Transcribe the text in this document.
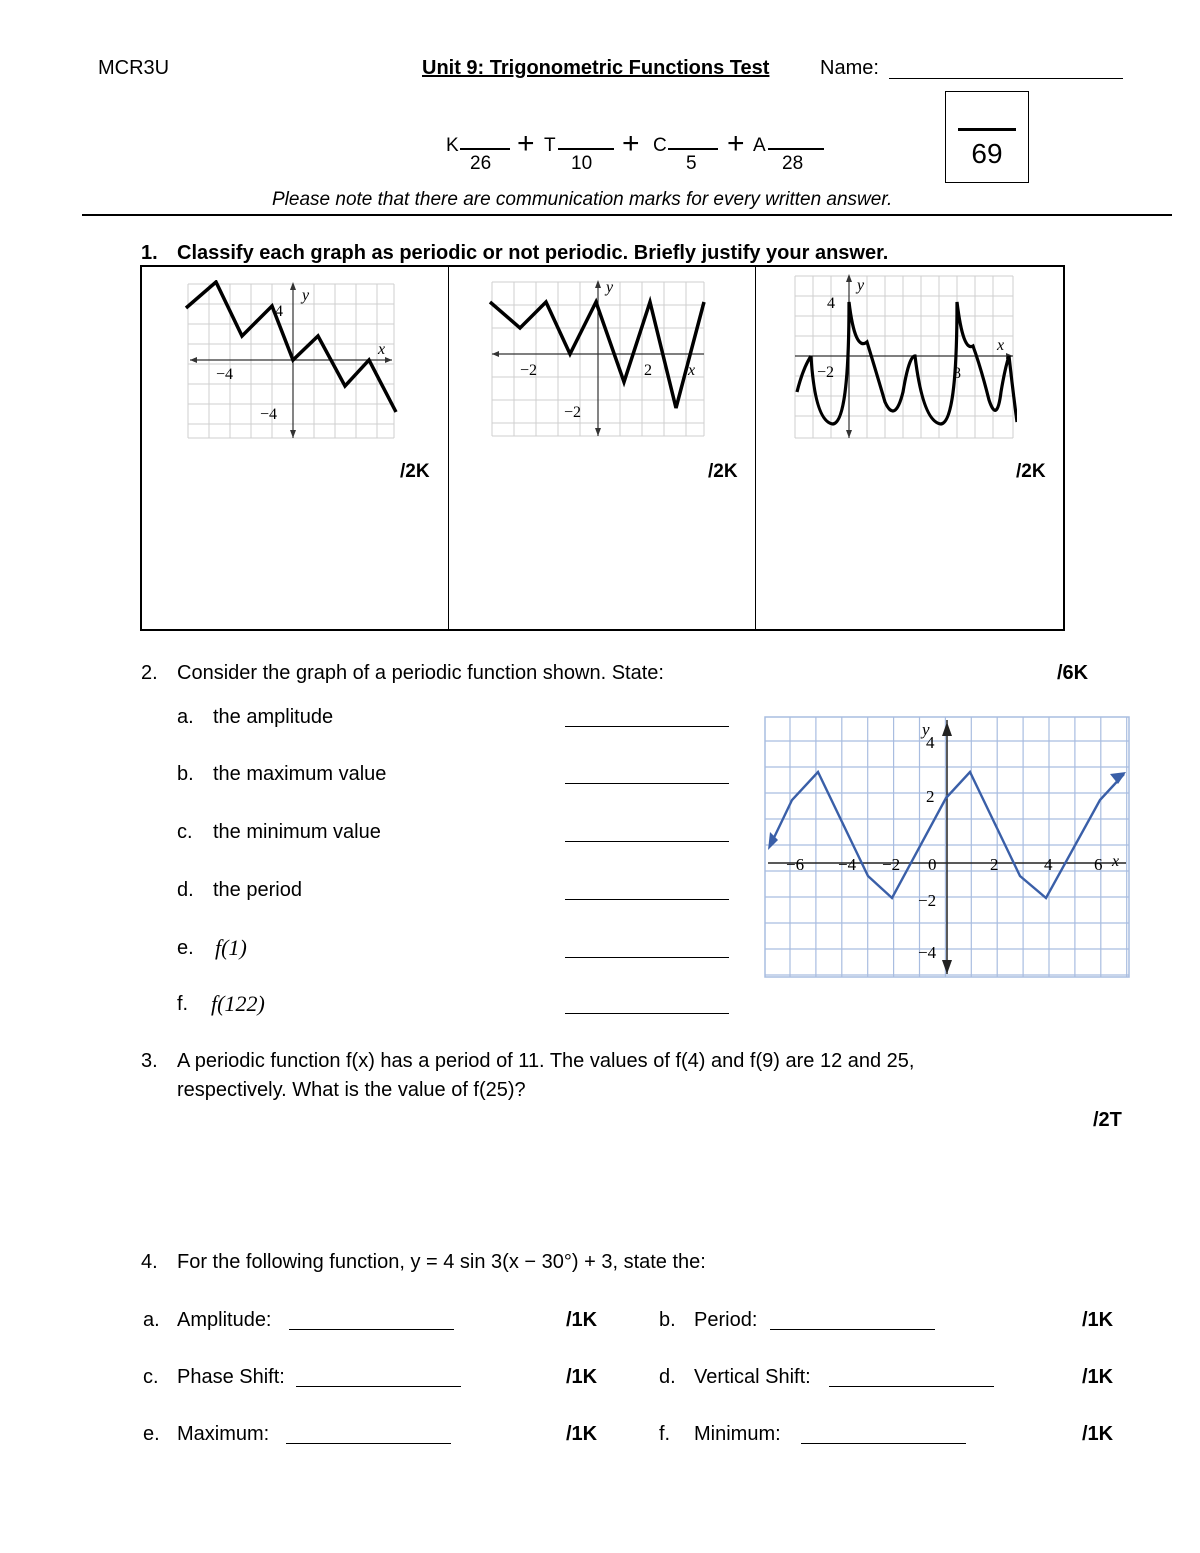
MCR3U	Unit 9: Trigonometric Functions Test	Name:
69
K
26
+ T
10
+ C
5
+ A
28
Please note that there are communication marks for every written answer.
1. Classify each graph as periodic or not periodic. Briefly justify your answer.
y
4
x
−4
−4
y
−2	2 x
−2
y
4
x
−2	8
/2K	/2K	/2K
2. Consider the graph of a periodic function shown. State:	/6K
a. the amplitude
b. the maximum value
c. the minimum value
d. the period
e. f(1)
f. f(122)
y
x
−6 −4 −2 0	2	4 6
4
2
−2
−4
3. A periodic function f(x) has a period of 11. The values of f(4) and f(9) are 12 and 25,
respectively. What is the value of f(25)?
/2T
4. For the following function, y = 4 sin 3(x − 30°) + 3, state the:
a. Amplitude:	/1K	b. Period:	/1K
c. Phase Shift:	/1K	d. Vertical Shift:	/1K
e. Maximum:	/1K	f. Minimum:	/1K
